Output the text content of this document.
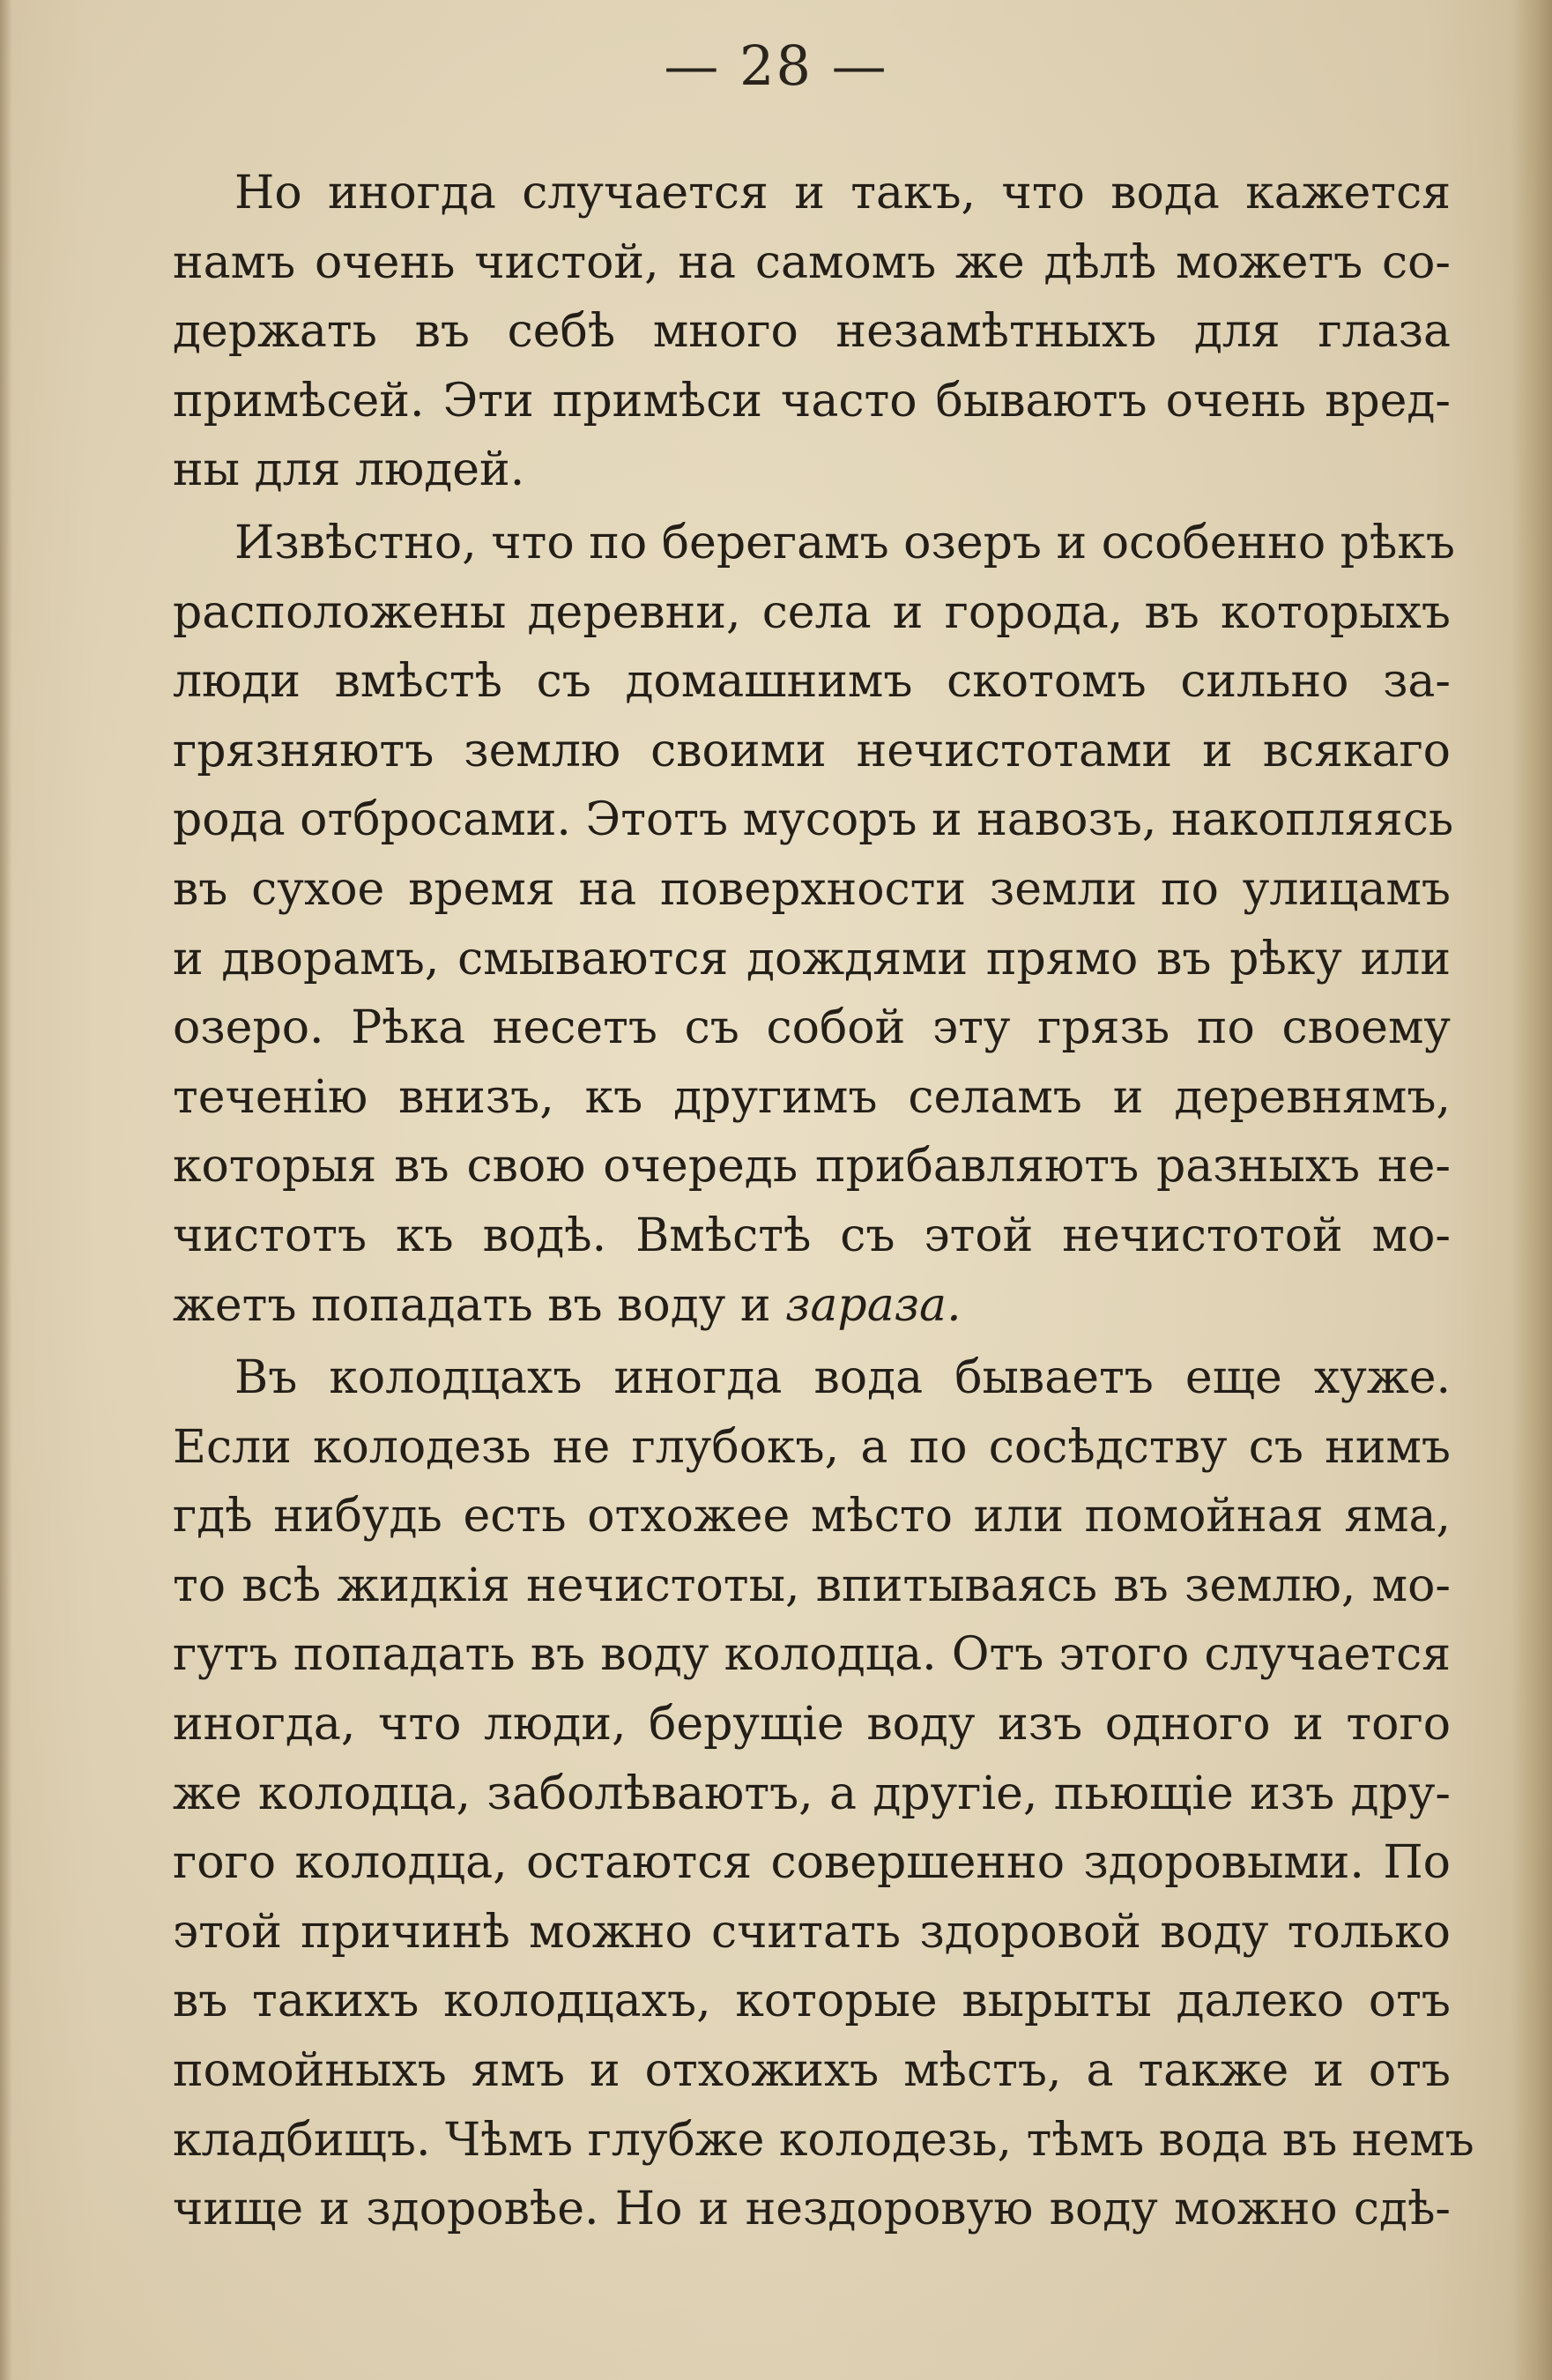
— 28 —
Но иногда случается и такъ, что вода кажется
намъ очень чистой, на самомъ же дѣлѣ можетъ со-
держать въ себѣ много незамѣтныхъ для глаза
примѣсей. Эти примѣси часто бываютъ очень вред-
ны для людей.
Извѣстно, что по берегамъ озеръ и особенно рѣкъ
расположены деревни, села и города, въ которыхъ
люди вмѣстѣ съ домашнимъ скотомъ сильно за-
грязняютъ землю своими нечистотами и всякаго
рода отбросами. Этотъ мусоръ и навозъ, накопляясь
въ сухое время на поверхности земли по улицамъ
и дворамъ, смываются дождями прямо въ рѣку или
озеро. Рѣка несетъ съ собой эту грязь по своему
теченію внизъ, къ другимъ селамъ и деревнямъ,
которыя въ свою очередь прибавляютъ разныхъ не-
чистотъ къ водѣ. Вмѣстѣ съ этой нечистотой мо-
жетъ попадать въ воду и зараза.
Въ колодцахъ иногда вода бываетъ еще хуже.
Если колодезь не глубокъ, а по сосѣдству съ нимъ
гдѣ нибудь есть отхожее мѣсто или помойная яма,
то всѣ жидкія нечистоты, впитываясь въ землю, мо-
гутъ попадать въ воду колодца. Отъ этого случается
иногда, что люди, берущіе воду изъ одного и того
же колодца, заболѣваютъ, а другіе, пьющіе изъ дру-
гого колодца, остаются совершенно здоровыми. По
этой причинѣ можно считать здоровой воду только
въ такихъ колодцахъ, которые вырыты далеко отъ
помойныхъ ямъ и отхожихъ мѣстъ, а также и отъ
кладбищъ. Чѣмъ глубже колодезь, тѣмъ вода въ немъ
чище и здоровѣе. Но и нездоровую воду можно сдѣ-
